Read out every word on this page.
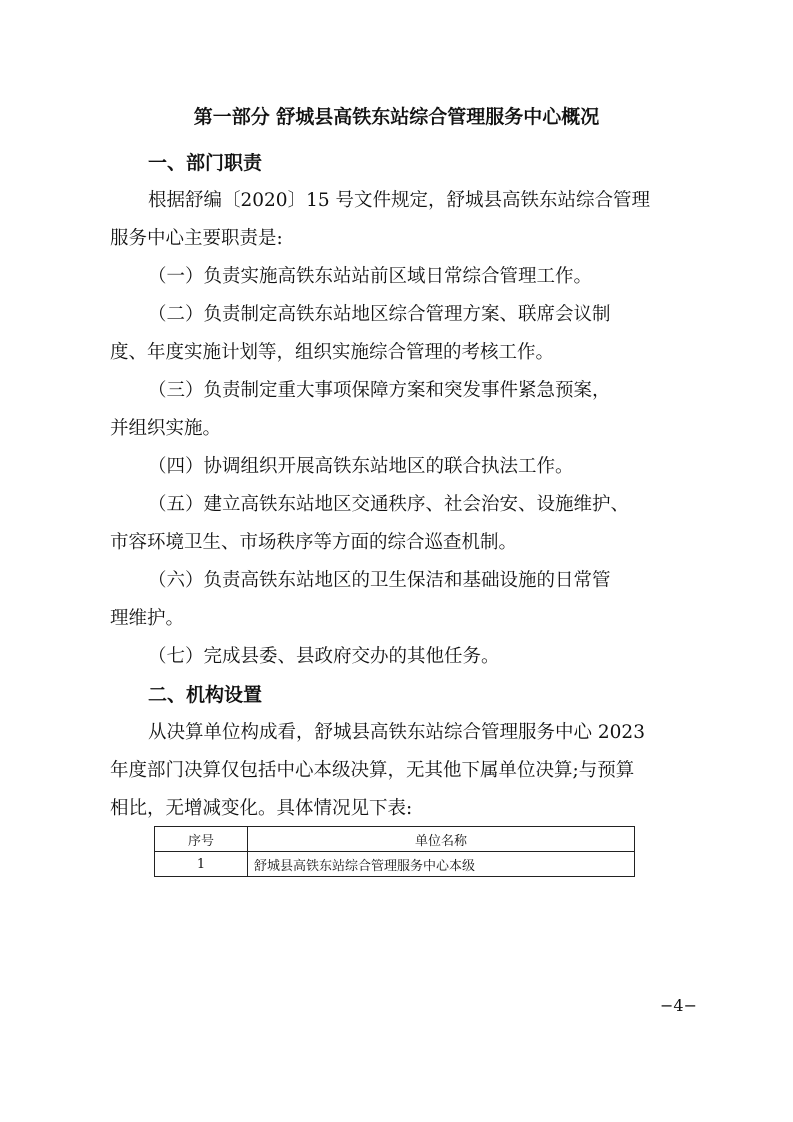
第一部分 舒城县高铁东站综合管理服务中心概况
一、部门职责
根据舒编〔2020〕15 号文件规定，舒城县高铁东站综合管理
服务中心主要职责是:
（一）负责实施高铁东站站前区域日常综合管理工作。
（二）负责制定高铁东站地区综合管理方案、联席会议制
度、年度实施计划等，组织实施综合管理的考核工作。
（三）负责制定重大事项保障方案和突发事件紧急预案，
并组织实施。
（四）协调组织开展高铁东站地区的联合执法工作。
（五）建立高铁东站地区交通秩序、社会治安、设施维护、
市容环境卫生、市场秩序等方面的综合巡查机制。
（六）负责高铁东站地区的卫生保洁和基础设施的日常管
理维护。
（七）完成县委、县政府交办的其他任务。
二、机构设置
从决算单位构成看，舒城县高铁东站综合管理服务中心 2023
年度部门决算仅包括中心本级决算，无其他下属单位决算;与预算
相比，无增减变化。具体情况见下表:
序号	单位名称
1	舒城县高铁东站综合管理服务中心本级
−4−
